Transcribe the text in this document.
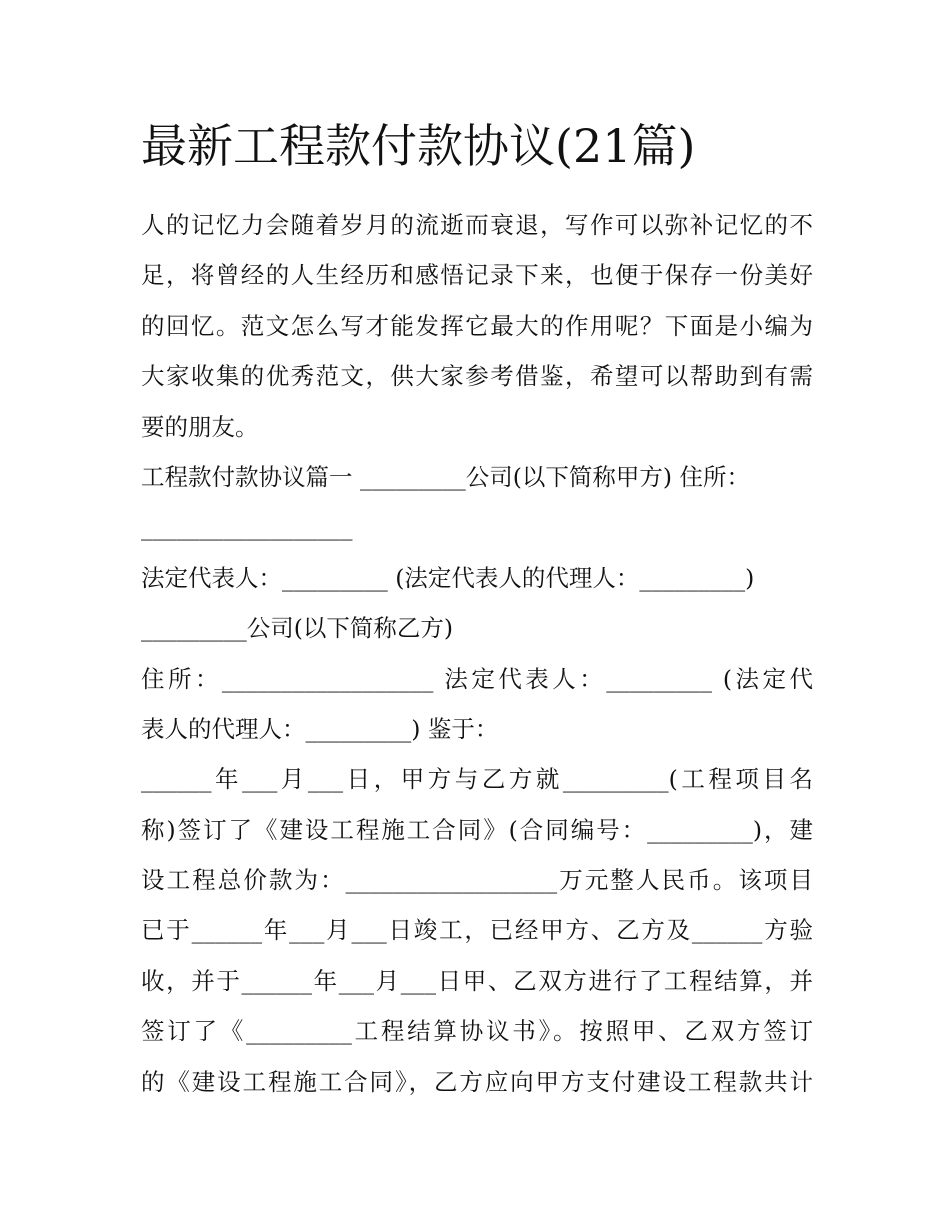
最新工程款付款协议(21篇)
人的记忆力会随着岁月的流逝而衰退，写作可以弥补记忆的不
足，将曾经的人生经历和感悟记录下来，也便于保存一份美好
的回忆。范文怎么写才能发挥它最大的作用呢？下面是小编为
大家收集的优秀范文，供大家参考借鉴，希望可以帮助到有需
要的朋友。
工程款付款协议篇一 _________公司(以下简称甲方) 住所：
__________________
法定代表人：_________ (法定代表人的代理人：_________)
_________公司(以下简称乙方)
住所：__________________ 法定代表人：_________ (法定代
表人的代理人：_________) 鉴于：
______年___月___日，甲方与乙方就_________(工程项目名
称)签订了《建设工程施工合同》(合同编号：_________)，建
设工程总价款为：__________________万元整人民币。该项目
已于______年___月___日竣工，已经甲方、乙方及______方验
收，并于______年___月___日甲、乙双方进行了工程结算，并
签订了《_________工程结算协议书》。按照甲、乙双方签订
的《建设工程施工合同》，乙方应向甲方支付建设工程款共计
